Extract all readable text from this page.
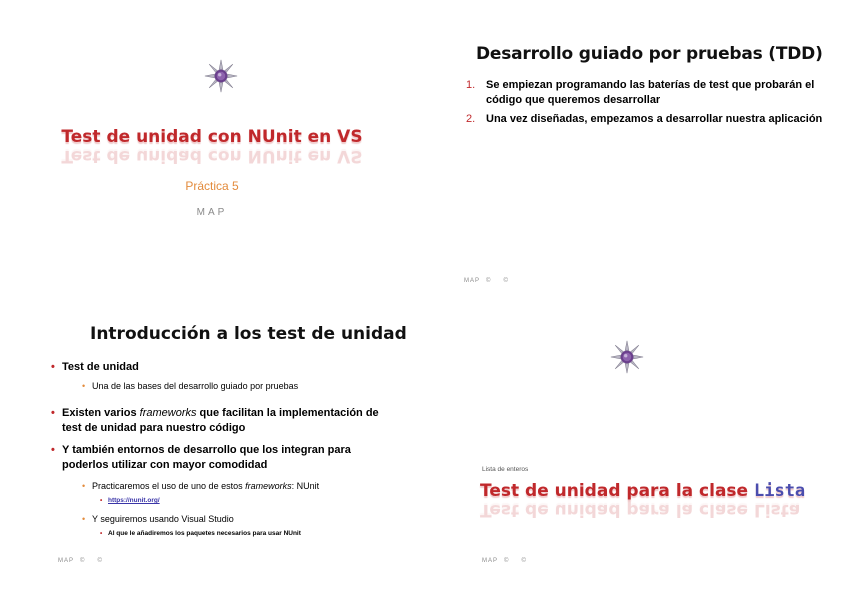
Test de unidad con NUnit en VS
Test de unidad con NUnit en VS
Práctica 5
MAP
Desarrollo guiado por pruebas (TDD)
1. Se empiezan programando las baterías de test que probarán el código que queremos desarrollar
2. Una vez diseñadas, empezamos a desarrollar nuestra aplicación
MAP © ©
Introducción a los test de unidad
• Test de unidad
• Una de las bases del desarrollo guiado por pruebas
• Existen varios frameworks que facilitan la implementación de test de unidad para nuestro código
• Y también entornos de desarrollo que los integran para poderlos utilizar con mayor comodidad
• Practicaremos el uso de uno de estos frameworks: NUnit
• https://nunit.org/
• Y seguiremos usando Visual Studio
• Al que le añadiremos los paquetes necesarios para usar NUnit
MAP © ©
Lista de enteros
Test de unidad para la clase Lista
Test de unidad para la clase Lista
MAP © ©
